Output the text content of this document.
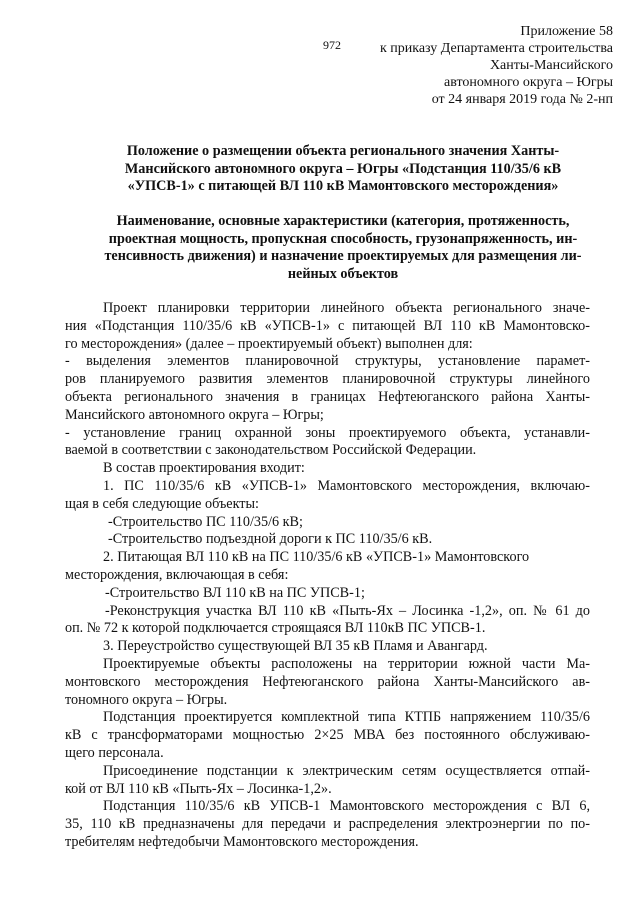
972
Приложение 58
к приказу Департамента строительства
Ханты-Мансийского
автономного округа – Югры
от 24 января 2019 года № 2-нп
Положение о размещении объекта регионального значения Ханты-
Мансийского автономного округа – Югры «Подстанция 110/35/6 кВ
«УПСВ-1» с питающей ВЛ 110 кВ Мамонтовского месторождения»
Наименование, основные характеристики (категория, протяженность,
проектная мощность, пропускная способность, грузонапряженность, ин-
тенсивность движения) и назначение проектируемых для размещения ли-
нейных объектов
Проект планировки территории линейного объекта регионального значе-
ния «Подстанция 110/35/6 кВ «УПСВ-1» с питающей ВЛ 110 кВ Мамонтовско-
го месторождения» (далее – проектируемый объект) выполнен для:
- выделения элементов планировочной структуры, установление парамет-
ров планируемого развития элементов планировочной структуры линейного
объекта регионального значения в границах Нефтеюганского района Ханты-
Мансийского автономного округа – Югры;
- установление границ охранной зоны проектируемого объекта, устанавли-
ваемой в соответствии с законодательством Российской Федерации.
В состав проектирования входит:
1. ПС 110/35/6 кВ «УПСВ-1» Мамонтовского месторождения, включаю-
щая в себя следующие объекты:
-Строительство ПС 110/35/6 кВ;
-Строительство подъездной дороги к ПС 110/35/6 кВ.
2. Питающая ВЛ 110 кВ на ПС 110/35/6 кВ «УПСВ-1» Мамонтовского
месторождения, включающая в себя:
-Строительство ВЛ 110 кВ на ПС УПСВ-1;
-Реконструкция участка ВЛ 110 кВ «Пыть-Ях – Лосинка -1,2», оп. № 61 до
оп. № 72 к которой подключается строящаяся ВЛ 110кВ ПС УПСВ-1.
3. Переустройство существующей ВЛ 35 кВ Пламя и Авангард.
Проектируемые объекты расположены на территории южной части Ма-
монтовского месторождения Нефтеюганского района Ханты-Мансийского ав-
тономного округа – Югры.
Подстанция проектируется комплектной типа КТПБ напряжением 110/35/6
кВ с трансформаторами мощностью 2×25 МВА без постоянного обслуживаю-
щего персонала.
Присоединение подстанции к электрическим сетям осуществляется отпай-
кой от ВЛ 110 кВ «Пыть-Ях – Лосинка-1,2».
Подстанция 110/35/6 кВ УПСВ-1 Мамонтовского месторождения с ВЛ 6,
35, 110 кВ предназначены для передачи и распределения электроэнергии по по-
требителям нефтедобычи Мамонтовского месторождения.
